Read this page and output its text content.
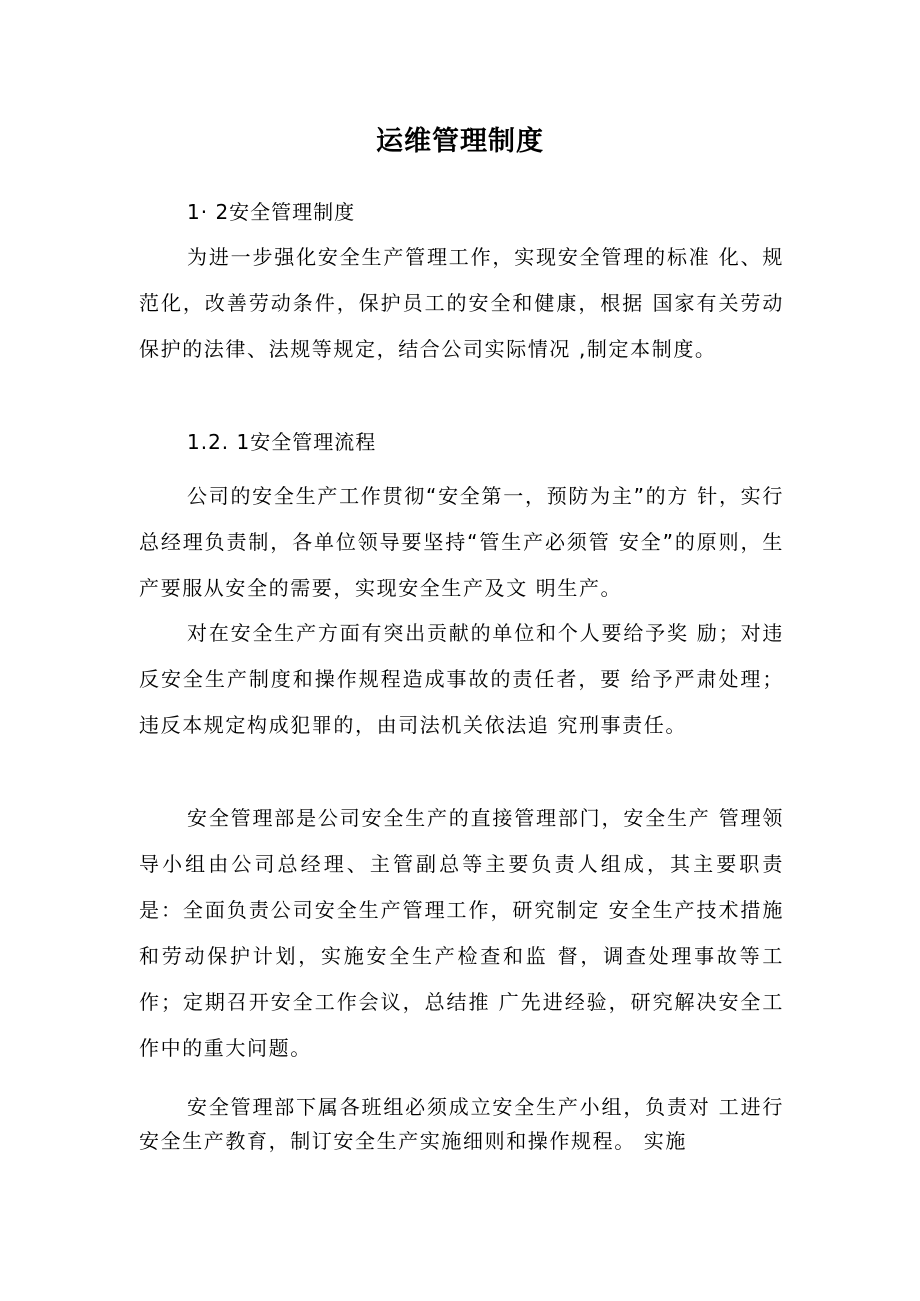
运维管理制度
1· 2安全管理制度

为进一步强化安全生产管理工作，实现安全管理的标准 化、规范化，改善劳动条件，保护员工的安全和健康，根据 国家有关劳动保护的法律、法规等规定，结合公司实际情况 ,制定本制度。

1.2. 1安全管理流程

公司的安全生产工作贯彻“安全第一，预防为主”的方 针，实行总经理负责制，各单位领导要坚持“管生产必须管 安全”的原则，生产要服从安全的需要，实现安全生产及文 明生产。

对在安全生产方面有突出贡献的单位和个人要给予奖 励；对违反安全生产制度和操作规程造成事故的责任者，要 给予严肃处理；违反本规定构成犯罪的，由司法机关依法追 究刑事责任。

安全管理部是公司安全生产的直接管理部门，安全生产 管理领导小组由公司总经理、主管副总等主要负责人组成，其主要职责是：全面负责公司安全生产管理工作，研究制定 安全生产技术措施和劳动保护计划，实施安全生产检查和监 督，调查处理事故等工作；定期召开安全工作会议，总结推 广先进经验，研究解决安全工作中的重大问题。

安全管理部下属各班组必须成立安全生产小组，负责对 工进行安全生产教育，制订安全生产实施细则和操作规程。 实施
